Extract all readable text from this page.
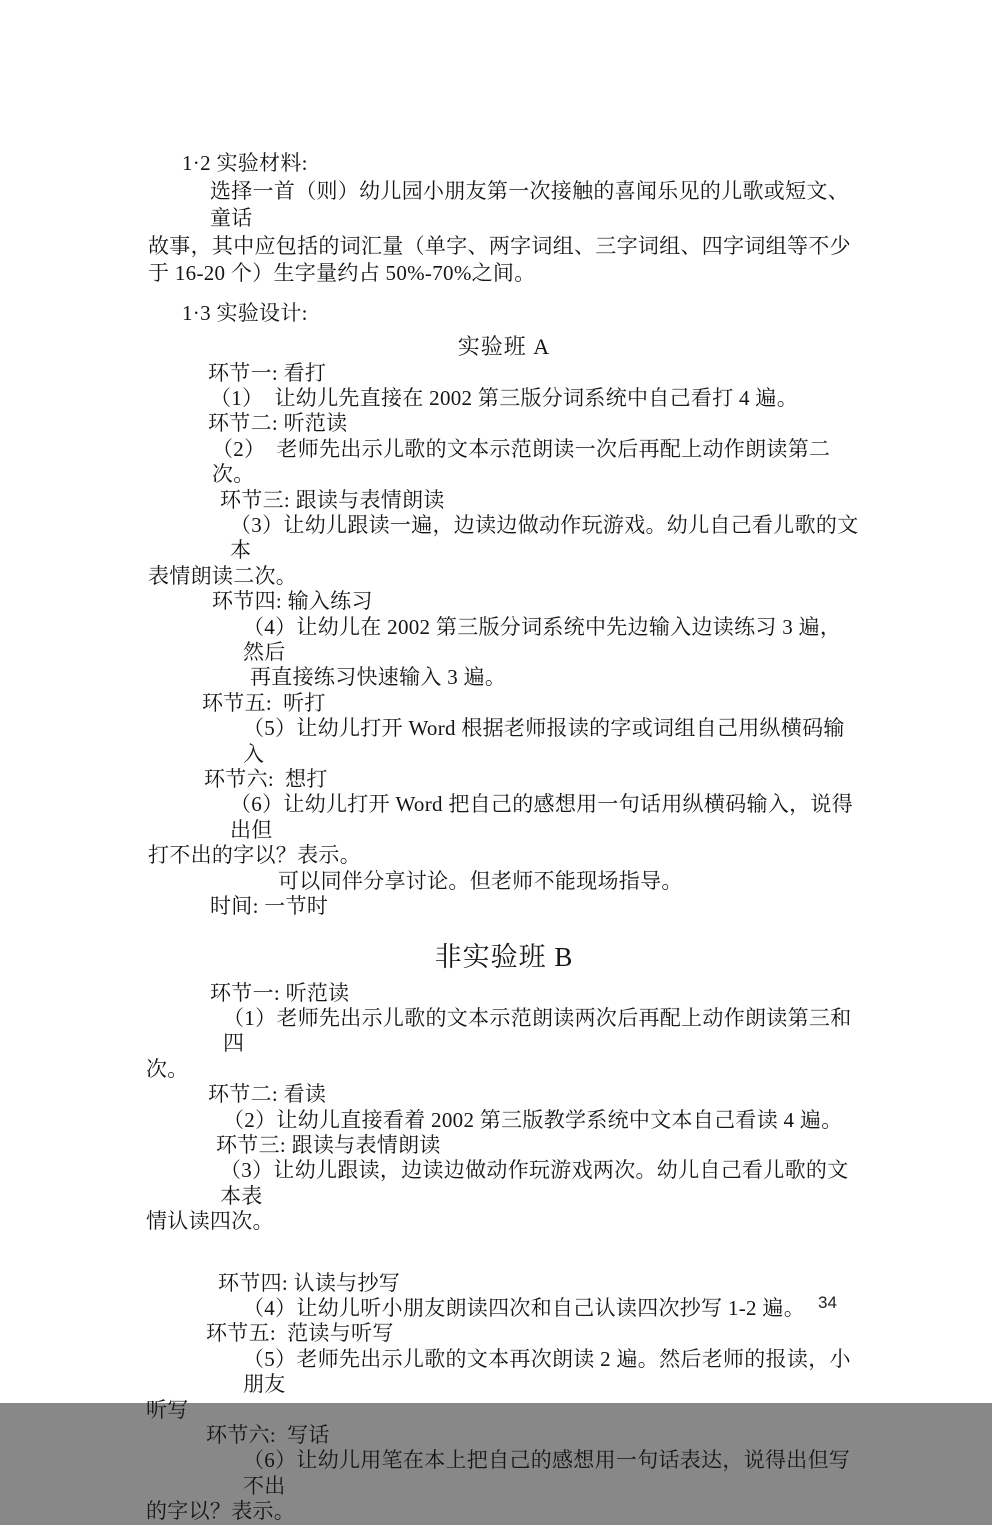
1·2 实验材料:
选择一首（则）幼儿园小朋友第一次接触的喜闻乐见的儿歌或短文、童话
故事，其中应包括的词汇量（单字、两字词组、三字词组、四字词组等不少
于 16-20 个）生字量约占 50%-70%之间。
1·3 实验设计:
实验班 A
环节一: 看打
（1）  让幼儿先直接在 2002 第三版分词系统中自己看打 4 遍。
环节二: 听范读
（2）  老师先出示儿歌的文本示范朗读一次后再配上动作朗读第二次。
环节三: 跟读与表情朗读
（3）让幼儿跟读一遍，边读边做动作玩游戏。幼儿自己看儿歌的文本
表情朗读二次。
环节四: 输入练习
（4）让幼儿在 2002 第三版分词系统中先边输入边读练习 3 遍，然后
再直接练习快速输入 3 遍。
环节五:  听打
（5）让幼儿打开 Word 根据老师报读的字或词组自己用纵横码输入
环节六:  想打
（6）让幼儿打开 Word 把自己的感想用一句话用纵横码输入，说得出但
打不出的字以？表示。
可以同伴分享讨论。但老师不能现场指导。
时间: 一节时
非实验班 B
环节一: 听范读
（1）老师先出示儿歌的文本示范朗读两次后再配上动作朗读第三和四
次。
环节二: 看读
（2）让幼儿直接看着 2002 第三版教学系统中文本自己看读 4 遍。
环节三: 跟读与表情朗读
（3）让幼儿跟读，边读边做动作玩游戏两次。幼儿自己看儿歌的文本表
情认读四次。
环节四: 认读与抄写
（4）让幼儿听小朋友朗读四次和自己认读四次抄写 1-2 遍。
环节五:  范读与听写
（5）老师先出示儿歌的文本再次朗读 2 遍。然后老师的报读，小朋友
听写
环节六:  写话
（6）让幼儿用笔在本上把自己的感想用一句话表达，说得出但写不出
的字以？表示。
34
